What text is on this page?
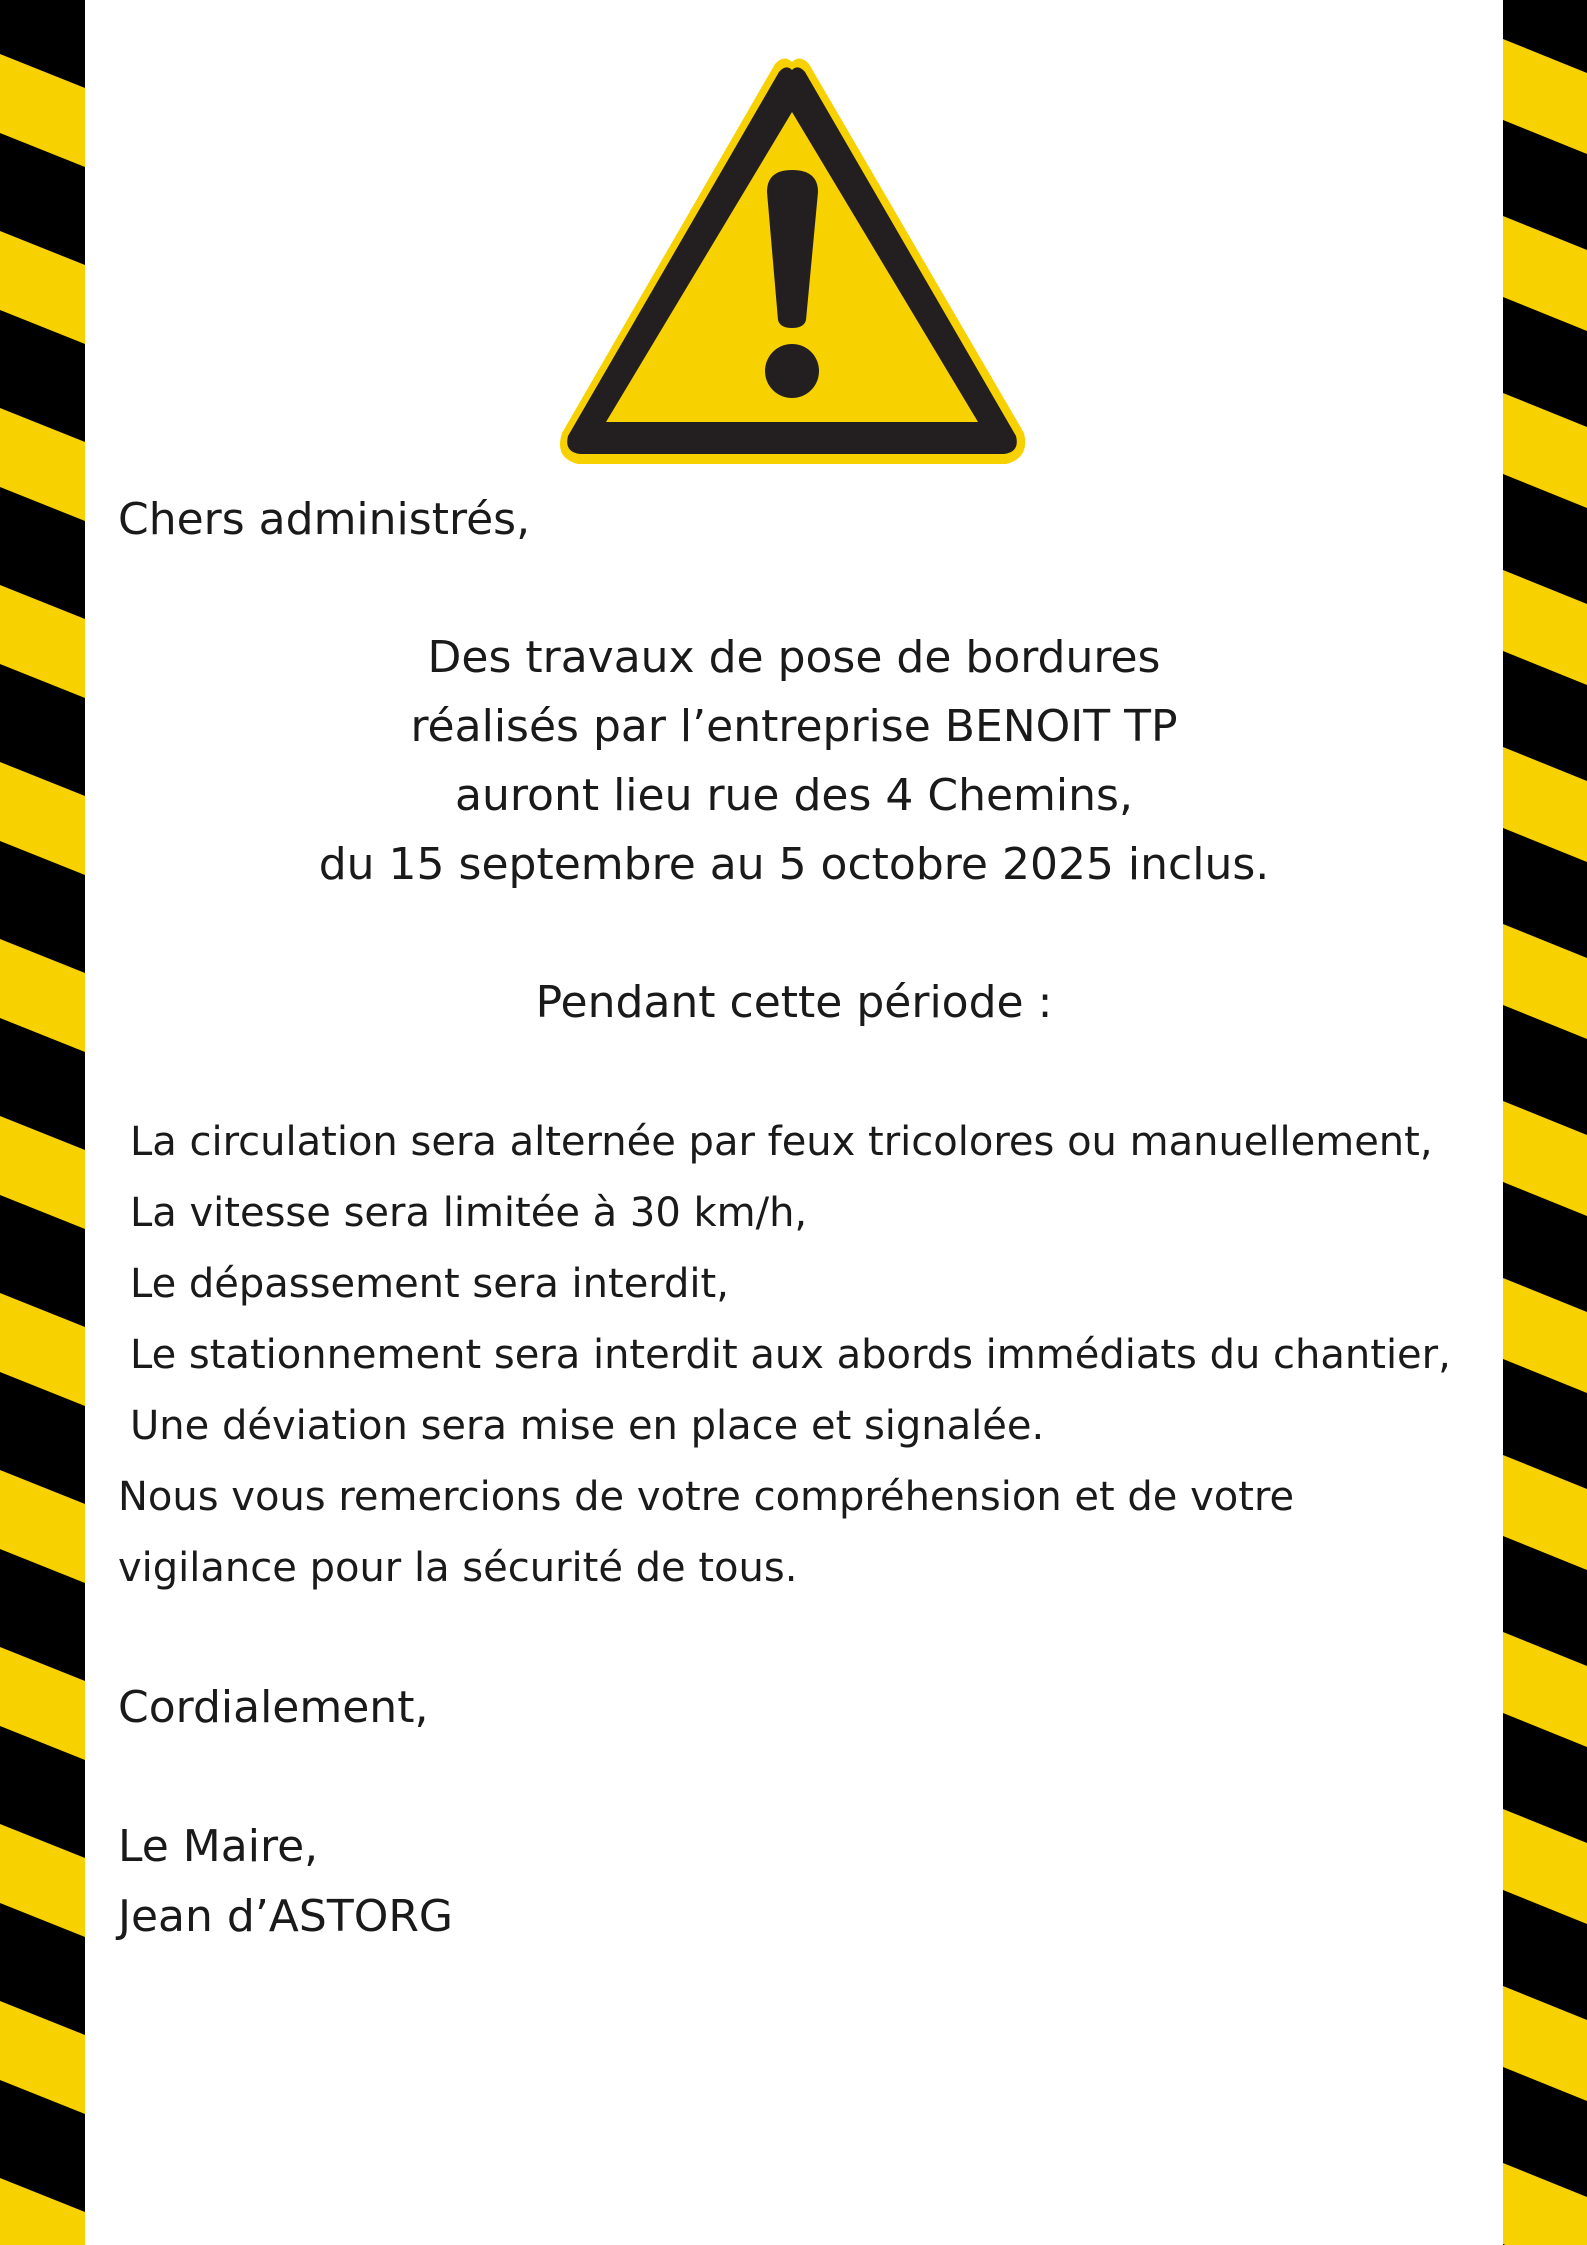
Chers administrés,
Des travaux de pose de bordures
réalisés par l’entreprise BENOIT TP
auront lieu rue des 4 Chemins,
du 15 septembre au 5 octobre 2025 inclus.
Pendant cette période :
La circulation sera alternée par feux tricolores ou manuellement,
La vitesse sera limitée à 30 km/h,
Le dépassement sera interdit,
Le stationnement sera interdit aux abords immédiats du chantier,
Une déviation sera mise en place et signalée.
Nous vous remercions de votre compréhension et de votre
vigilance pour la sécurité de tous.
Cordialement,
Le Maire,
Jean d’ASTORG
